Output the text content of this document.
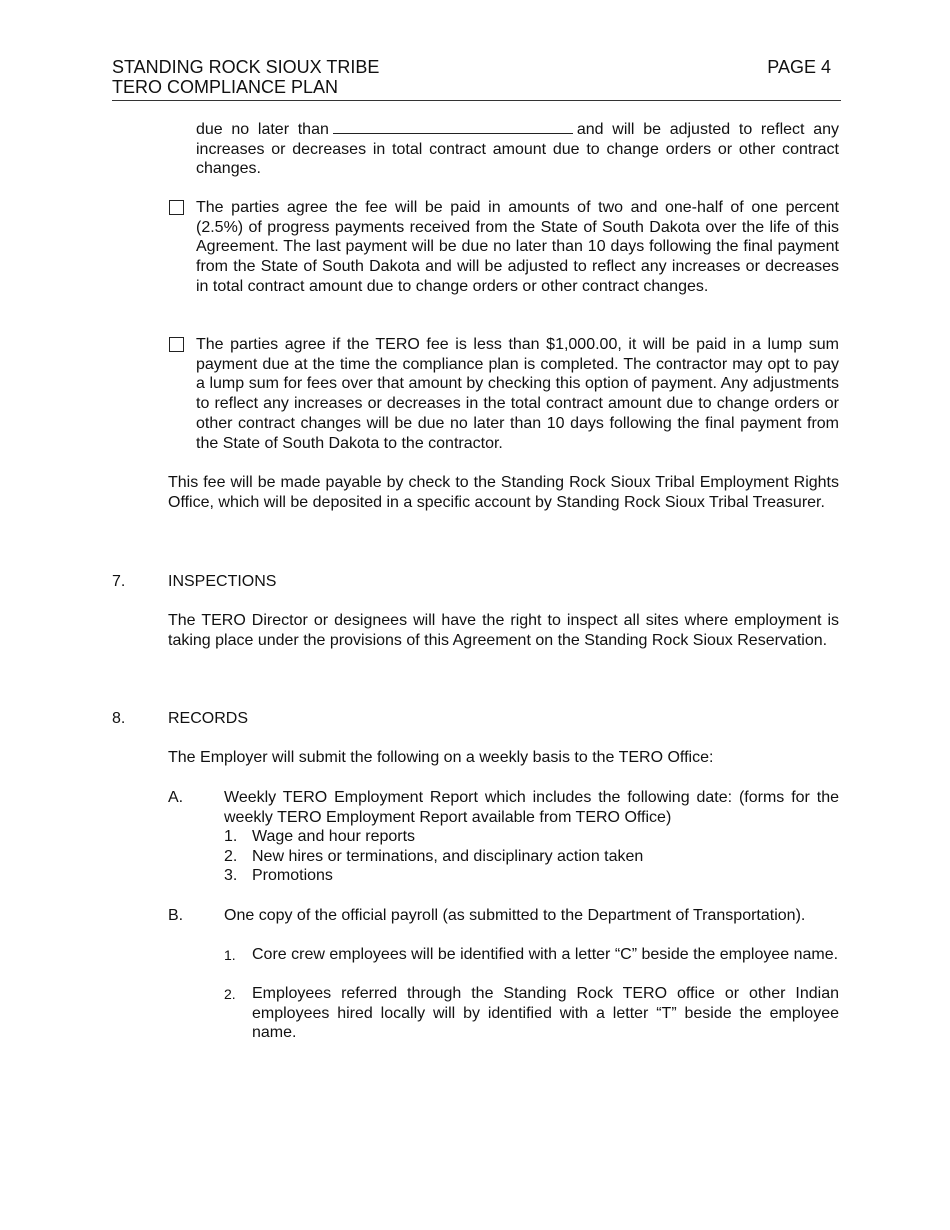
STANDING ROCK SIOUX TRIBE	PAGE 4
TERO COMPLIANCE PLAN
due no later than	and will be adjusted to reflect any increases or decreases in total contract amount due to change orders or other contract changes.
The parties agree the fee will be paid in amounts of two and one-half of one percent (2.5%) of progress payments received from the State of South Dakota over the life of this Agreement. The last payment will be due no later than 10 days following the final payment from the State of South Dakota and will be adjusted to reflect any increases or decreases in total contract amount due to change orders or other contract changes.
The parties agree if the TERO fee is less than $1,000.00, it will be paid in a lump sum payment due at the time the compliance plan is completed. The contractor may opt to pay a lump sum for fees over that amount by checking this option of payment. Any adjustments to reflect any increases or decreases in the total contract amount due to change orders or other contract changes will be due no later than 10 days following the final payment from the State of South Dakota to the contractor.
This fee will be made payable by check to the Standing Rock Sioux Tribal Employment Rights Office, which will be deposited in a specific account by Standing Rock Sioux Tribal Treasurer.
7.	INSPECTIONS
The TERO Director or designees will have the right to inspect all sites where employment is taking place under the provisions of this Agreement on the Standing Rock Sioux Reservation.
8.	RECORDS
The Employer will submit the following on a weekly basis to the TERO Office:
A.	Weekly TERO Employment Report which includes the following date: (forms for the weekly TERO Employment Report available from TERO Office)
1. Wage and hour reports
2. New hires or terminations, and disciplinary action taken
3. Promotions
B.	One copy of the official payroll (as submitted to the Department of Transportation).
1. Core crew employees will be identified with a letter “C” beside the employee name.
2. Employees referred through the Standing Rock TERO office or other Indian employees hired locally will by identified with a letter “T” beside the employee name.
